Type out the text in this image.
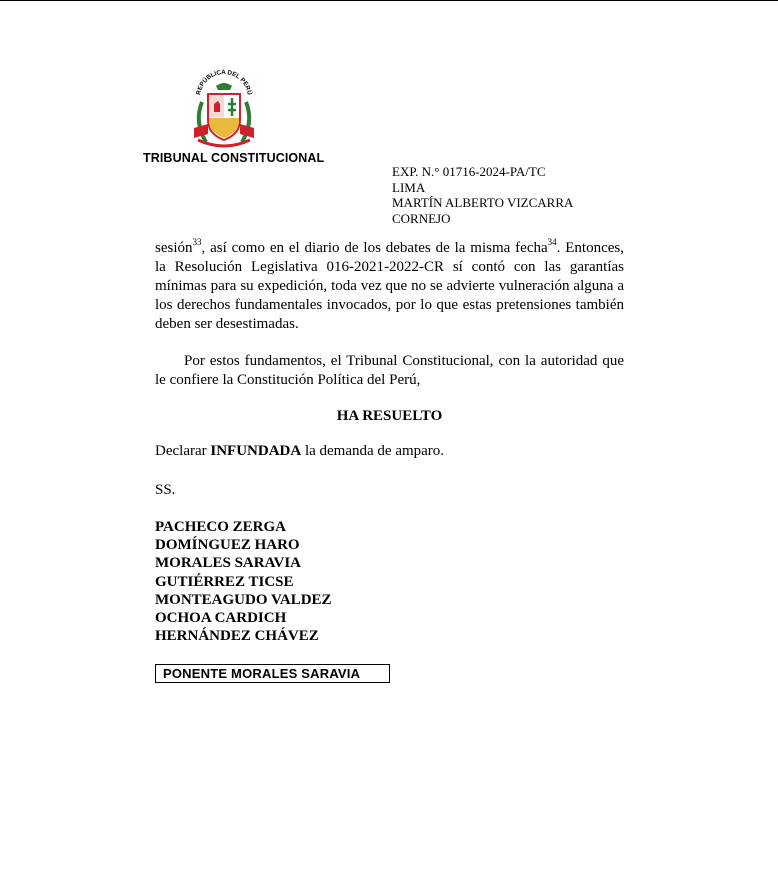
REPÚBLICA DEL PERÚ
TRIBUNAL CONSTITUCIONAL
EXP. N.° 01716-2024-PA/TC
LIMA
MARTÍN ALBERTO VIZCARRA
CORNEJO
sesión$^{33}$, así como en el diario de los debates de la misma fecha$^{34}$. Entonces, la Resolución Legislativa 016-2021-2022-CR sí contó con las garantías mínimas para su expedición, toda vez que no se advierte vulneración alguna a los derechos fundamentales invocados, por lo que estas pretensiones también deben ser desestimadas.
Por estos fundamentos, el Tribunal Constitucional, con la autoridad que le confiere la Constitución Política del Perú,
HA RESUELTO
Declarar INFUNDADA la demanda de amparo.
SS.
PACHECO ZERGA
DOMÍNGUEZ HARO
MORALES SARAVIA
GUTIÉRREZ TICSE
MONTEAGUDO VALDEZ
OCHOA CARDICH
HERNÁNDEZ CHÁVEZ
PONENTE MORALES SARAVIA
